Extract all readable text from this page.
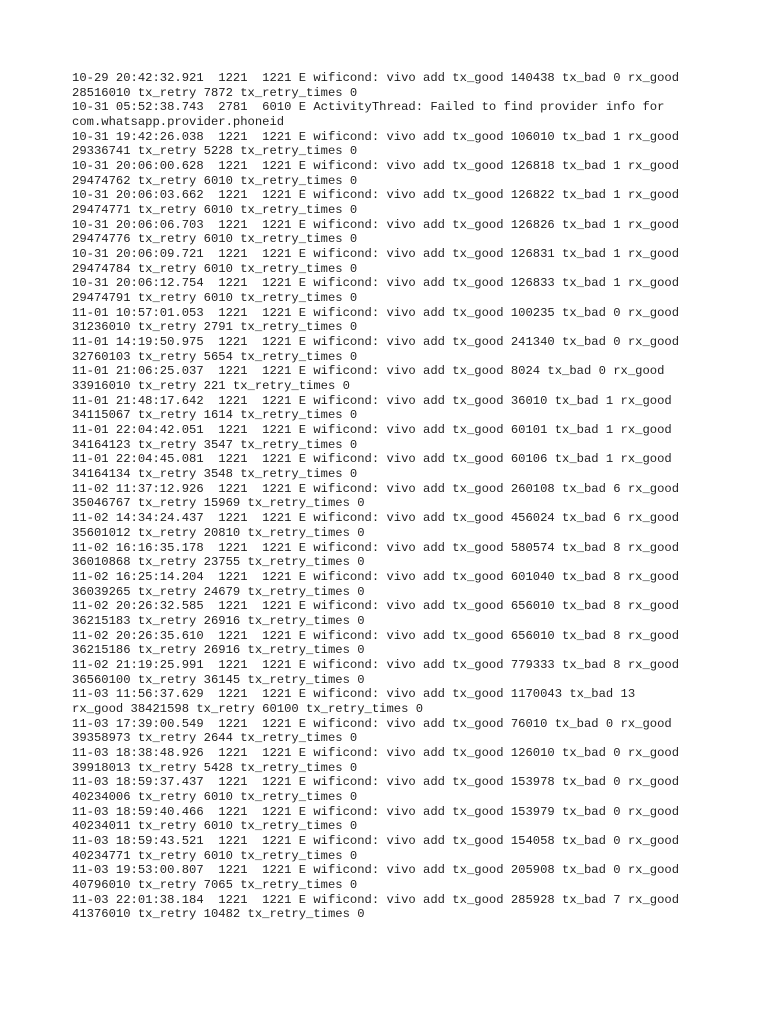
10-29 20:42:32.921  1221  1221 E wificond: vivo add tx_good 140438 tx_bad 0 rx_good
28516010 tx_retry 7872 tx_retry_times 0
10-31 05:52:38.743  2781  6010 E ActivityThread: Failed to find provider info for
com.whatsapp.provider.phoneid
10-31 19:42:26.038  1221  1221 E wificond: vivo add tx_good 106010 tx_bad 1 rx_good
29336741 tx_retry 5228 tx_retry_times 0
10-31 20:06:00.628  1221  1221 E wificond: vivo add tx_good 126818 tx_bad 1 rx_good
29474762 tx_retry 6010 tx_retry_times 0
10-31 20:06:03.662  1221  1221 E wificond: vivo add tx_good 126822 tx_bad 1 rx_good
29474771 tx_retry 6010 tx_retry_times 0
10-31 20:06:06.703  1221  1221 E wificond: vivo add tx_good 126826 tx_bad 1 rx_good
29474776 tx_retry 6010 tx_retry_times 0
10-31 20:06:09.721  1221  1221 E wificond: vivo add tx_good 126831 tx_bad 1 rx_good
29474784 tx_retry 6010 tx_retry_times 0
10-31 20:06:12.754  1221  1221 E wificond: vivo add tx_good 126833 tx_bad 1 rx_good
29474791 tx_retry 6010 tx_retry_times 0
11-01 10:57:01.053  1221  1221 E wificond: vivo add tx_good 100235 tx_bad 0 rx_good
31236010 tx_retry 2791 tx_retry_times 0
11-01 14:19:50.975  1221  1221 E wificond: vivo add tx_good 241340 tx_bad 0 rx_good
32760103 tx_retry 5654 tx_retry_times 0
11-01 21:06:25.037  1221  1221 E wificond: vivo add tx_good 8024 tx_bad 0 rx_good
33916010 tx_retry 221 tx_retry_times 0
11-01 21:48:17.642  1221  1221 E wificond: vivo add tx_good 36010 tx_bad 1 rx_good
34115067 tx_retry 1614 tx_retry_times 0
11-01 22:04:42.051  1221  1221 E wificond: vivo add tx_good 60101 tx_bad 1 rx_good
34164123 tx_retry 3547 tx_retry_times 0
11-01 22:04:45.081  1221  1221 E wificond: vivo add tx_good 60106 tx_bad 1 rx_good
34164134 tx_retry 3548 tx_retry_times 0
11-02 11:37:12.926  1221  1221 E wificond: vivo add tx_good 260108 tx_bad 6 rx_good
35046767 tx_retry 15969 tx_retry_times 0
11-02 14:34:24.437  1221  1221 E wificond: vivo add tx_good 456024 tx_bad 6 rx_good
35601012 tx_retry 20810 tx_retry_times 0
11-02 16:16:35.178  1221  1221 E wificond: vivo add tx_good 580574 tx_bad 8 rx_good
36010868 tx_retry 23755 tx_retry_times 0
11-02 16:25:14.204  1221  1221 E wificond: vivo add tx_good 601040 tx_bad 8 rx_good
36039265 tx_retry 24679 tx_retry_times 0
11-02 20:26:32.585  1221  1221 E wificond: vivo add tx_good 656010 tx_bad 8 rx_good
36215183 tx_retry 26916 tx_retry_times 0
11-02 20:26:35.610  1221  1221 E wificond: vivo add tx_good 656010 tx_bad 8 rx_good
36215186 tx_retry 26916 tx_retry_times 0
11-02 21:19:25.991  1221  1221 E wificond: vivo add tx_good 779333 tx_bad 8 rx_good
36560100 tx_retry 36145 tx_retry_times 0
11-03 11:56:37.629  1221  1221 E wificond: vivo add tx_good 1170043 tx_bad 13
rx_good 38421598 tx_retry 60100 tx_retry_times 0
11-03 17:39:00.549  1221  1221 E wificond: vivo add tx_good 76010 tx_bad 0 rx_good
39358973 tx_retry 2644 tx_retry_times 0
11-03 18:38:48.926  1221  1221 E wificond: vivo add tx_good 126010 tx_bad 0 rx_good
39918013 tx_retry 5428 tx_retry_times 0
11-03 18:59:37.437  1221  1221 E wificond: vivo add tx_good 153978 tx_bad 0 rx_good
40234006 tx_retry 6010 tx_retry_times 0
11-03 18:59:40.466  1221  1221 E wificond: vivo add tx_good 153979 tx_bad 0 rx_good
40234011 tx_retry 6010 tx_retry_times 0
11-03 18:59:43.521  1221  1221 E wificond: vivo add tx_good 154058 tx_bad 0 rx_good
40234771 tx_retry 6010 tx_retry_times 0
11-03 19:53:00.807  1221  1221 E wificond: vivo add tx_good 205908 tx_bad 0 rx_good
40796010 tx_retry 7065 tx_retry_times 0
11-03 22:01:38.184  1221  1221 E wificond: vivo add tx_good 285928 tx_bad 7 rx_good
41376010 tx_retry 10482 tx_retry_times 0
